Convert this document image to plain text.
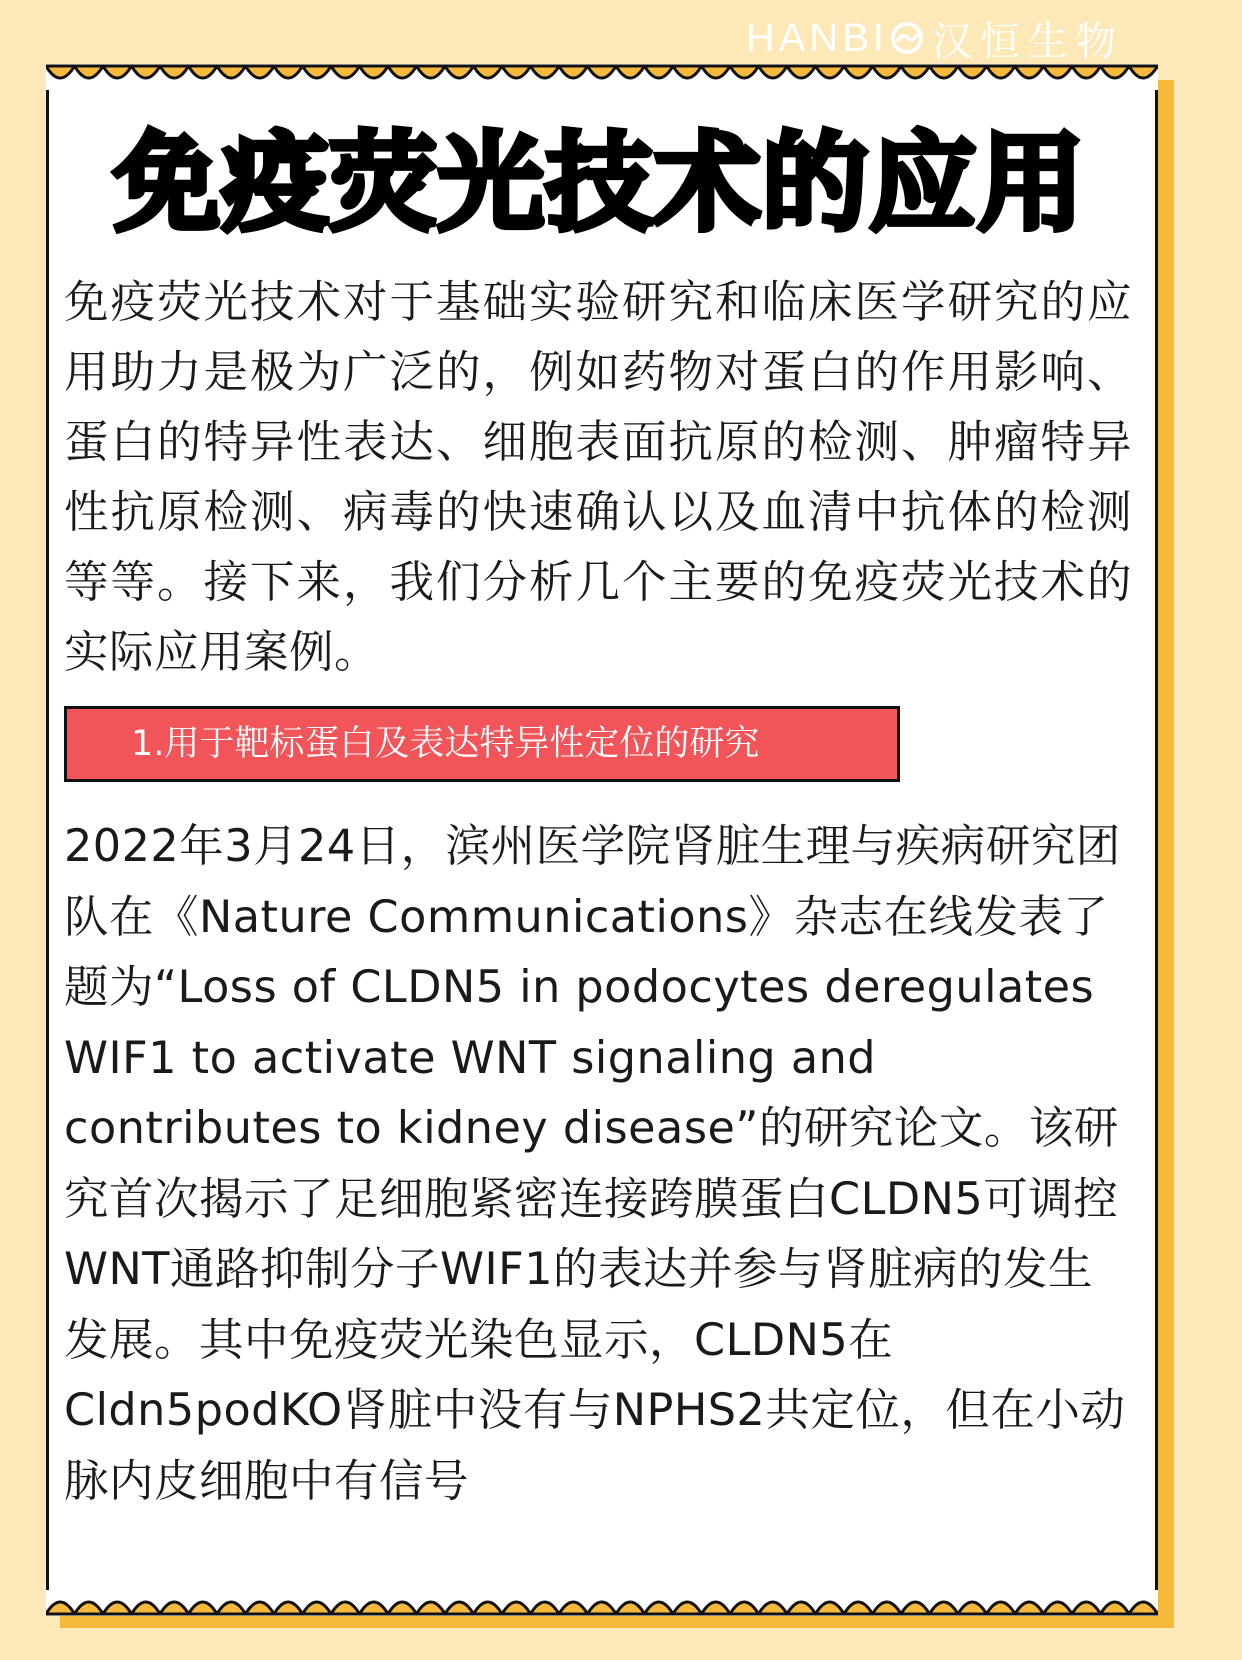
HANBI 汉恒生物
免疫荧光技术的应用

免疫荧光技术对于基础实验研究和临床医学研究的应用助力是极为广泛的，例如药物对蛋白的作用影响、蛋白的特异性表达、细胞表面抗原的检测、肿瘤特异性抗原检测、病毒的快速确认以及血清中抗体的检测等等。接下来，我们分析几个主要的免疫荧光技术的实际应用案例。

1.用于靶标蛋白及表达特异性定位的研究

2022年3月24日，滨州医学院肾脏生理与疾病研究团队在《Nature Communications》杂志在线发表了题为“Loss of CLDN5 in podocytes deregulates WIF1 to activate WNT signaling and contributes to kidney disease”的研究论文。该研究首次揭示了足细胞紧密连接跨膜蛋白CLDN5可调控WNT通路抑制分子WIF1的表达并参与肾脏病的发生发展。其中免疫荧光染色显示，CLDN5在Cldn5podKO肾脏中没有与NPHS2共定位，但在小动脉内皮细胞中有信号
